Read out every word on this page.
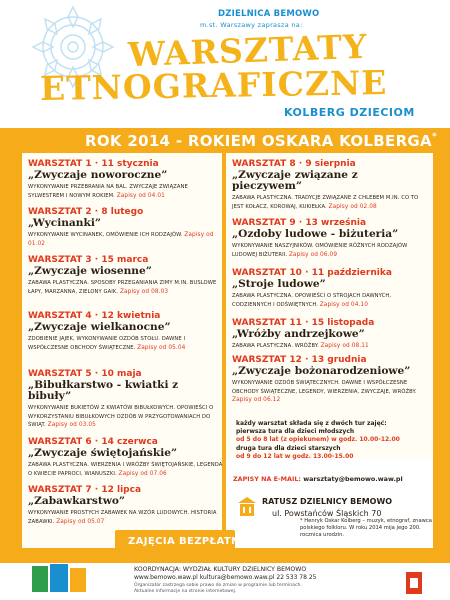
DZIELNICA BEMOWO
m.st. Warszawy zaprasza na:
WARSZTATY
ETNOGRAFICZNE
KOLBERG DZIECIOM
ROK 2014 - ROKIEM OSKARA KOLBERGA*
WARSZTAT 1 · 11 stycznia
„Zwyczaje noworoczne”
WYKONYWANIE PRZEBRANIA NA BAL. ZWYCZAJE ZWIĄZANE SYLWESTREM I NOWYM ROKIEM. Zapisy od 04.01
WARSZTAT 2 · 8 lutego
„Wycinanki”
WYKONYWANIE WYCINANEK, OMÓWIENIE ICH RODZAJÓW. Zapisy od 01.02
WARSZTAT 3 · 15 marca
„Zwyczaje wiosenne”
ZABAWA PLASTYCZNA. SPOSOBY PRZEGANIANIA ZIMY M.IN. BUSLOWE ŁAPY, MARZANNA, ZIELONY GAIK. Zapisy od 08.03
WARSZTAT 4 · 12 kwietnia
„Zwyczaje wielkanocne”
ZDOBIENIE JAJEK, WYKONYWANIE OZDÓB STOŁU. DAWNE I WSPÓŁCZESNE OBCHODY ŚWIĄTECZNE. Zapisy od 05.04
WARSZTAT 5 · 10 maja
„Bibułkarstwo - kwiatki z bibuły”
WYKONYWANIE BUKIETÓW Z KWIATÓW BIBUŁKOWYCH. OPOWIEŚCI O WYKORZYSTANIU BIBUŁKOWYCH OZDÓB W PRZYGOTOWANIACH DO ŚWIĄT. Zapisy od 03.05
WARSZTAT 6 · 14 czerwca
„Zwyczaje świętojańskie”
ZABAWA PLASTYCZNA. WIERZENIA I WRÓŻBY ŚWIĘTOJAŃSKIE, LEGENDA O KWIECIE PAPROCI, WIANUSZKI. Zapisy od 07.06
WARSZTAT 7 · 12 lipca
„Zabawkarstwo”
WYKONYWANIE PROSTYCH ZABAWEK NA WZÓR LUDOWYCH. HISTORIA ZABAWKI. Zapisy od 05.07
WARSZTAT 8 · 9 sierpnia
„Zwyczaje związane z pieczywem”
ZABAWA PLASTYCZNA. TRADYCJE ZWIĄZANE Z CHLEBEM M.IN. CO TO JEST KOŁACZ, KOROWAJ, KUKIEŁKA. Zapisy od 02.08
WARSZTAT 9 · 13 września
„Ozdoby ludowe - biżuteria”
WYKONYWANIE NASZYJNIKÓW. OMÓWIENIE RÓŻNYCH RODZAJÓW LUDOWEJ BIŻUTERII. Zapisy od 06.09
WARSZTAT 10 · 11 października
„Stroje ludowe”
ZABAWA PLASTYCZNA. OPOWIEŚCI O STROJACH DAWNYCH, CODZIENNYCH I ODŚWIĘTNYCH. Zapisy od 04.10
WARSZTAT 11 · 15 listopada
„Wróżby andrzejkowe”
ZABAWA PLASTYCZNA. WRÓŻBY. Zapisy od 08.11
WARSZTAT 12 · 13 grudnia
„Zwyczaje bożonarodzeniowe”
WYKONYWANIE OZDÓB ŚWIĄTECZNYCH. DAWNE I WSPÓŁCZESNE OBCHODY ŚWIĄTECZNE, LEGENDY, WIERZENIA, ZWYCZAJE, WRÓŻBY. Zapisy od 06.12
każdy warsztat składa się z dwóch tur zajęć:
pierwsza tura dla dzieci młodszych
od 5 do 8 lat (z opiekunem) w godz. 10.00-12.00
druga tura dla dzieci starszych
od 9 do 12 lat w godz. 13.00-15.00
ZAPISY NA E-MAIL: warsztaty@bemowo.waw.pl
RATUSZ DZIELNICY BEMOWO
ul. Powstańców Śląskich 70
* Henryk Oskar Kolberg – muzyk, etnograf, znawca polskiego folkloru. W roku 2014 mija jego 200. rocznica urodzin.
ZAJĘCIA BEZPŁATNE
KOORDYNACJA: WYDZIAŁ KULTURY DZIELNICY BEMOWO
www.bemowo.waw.pl kultura@bemowo.waw.pl 22 533 78 25
Organizator zastrzega sobie prawo do zmian w programie lub terminach.
Aktualne informacje na stronie internetowej.
